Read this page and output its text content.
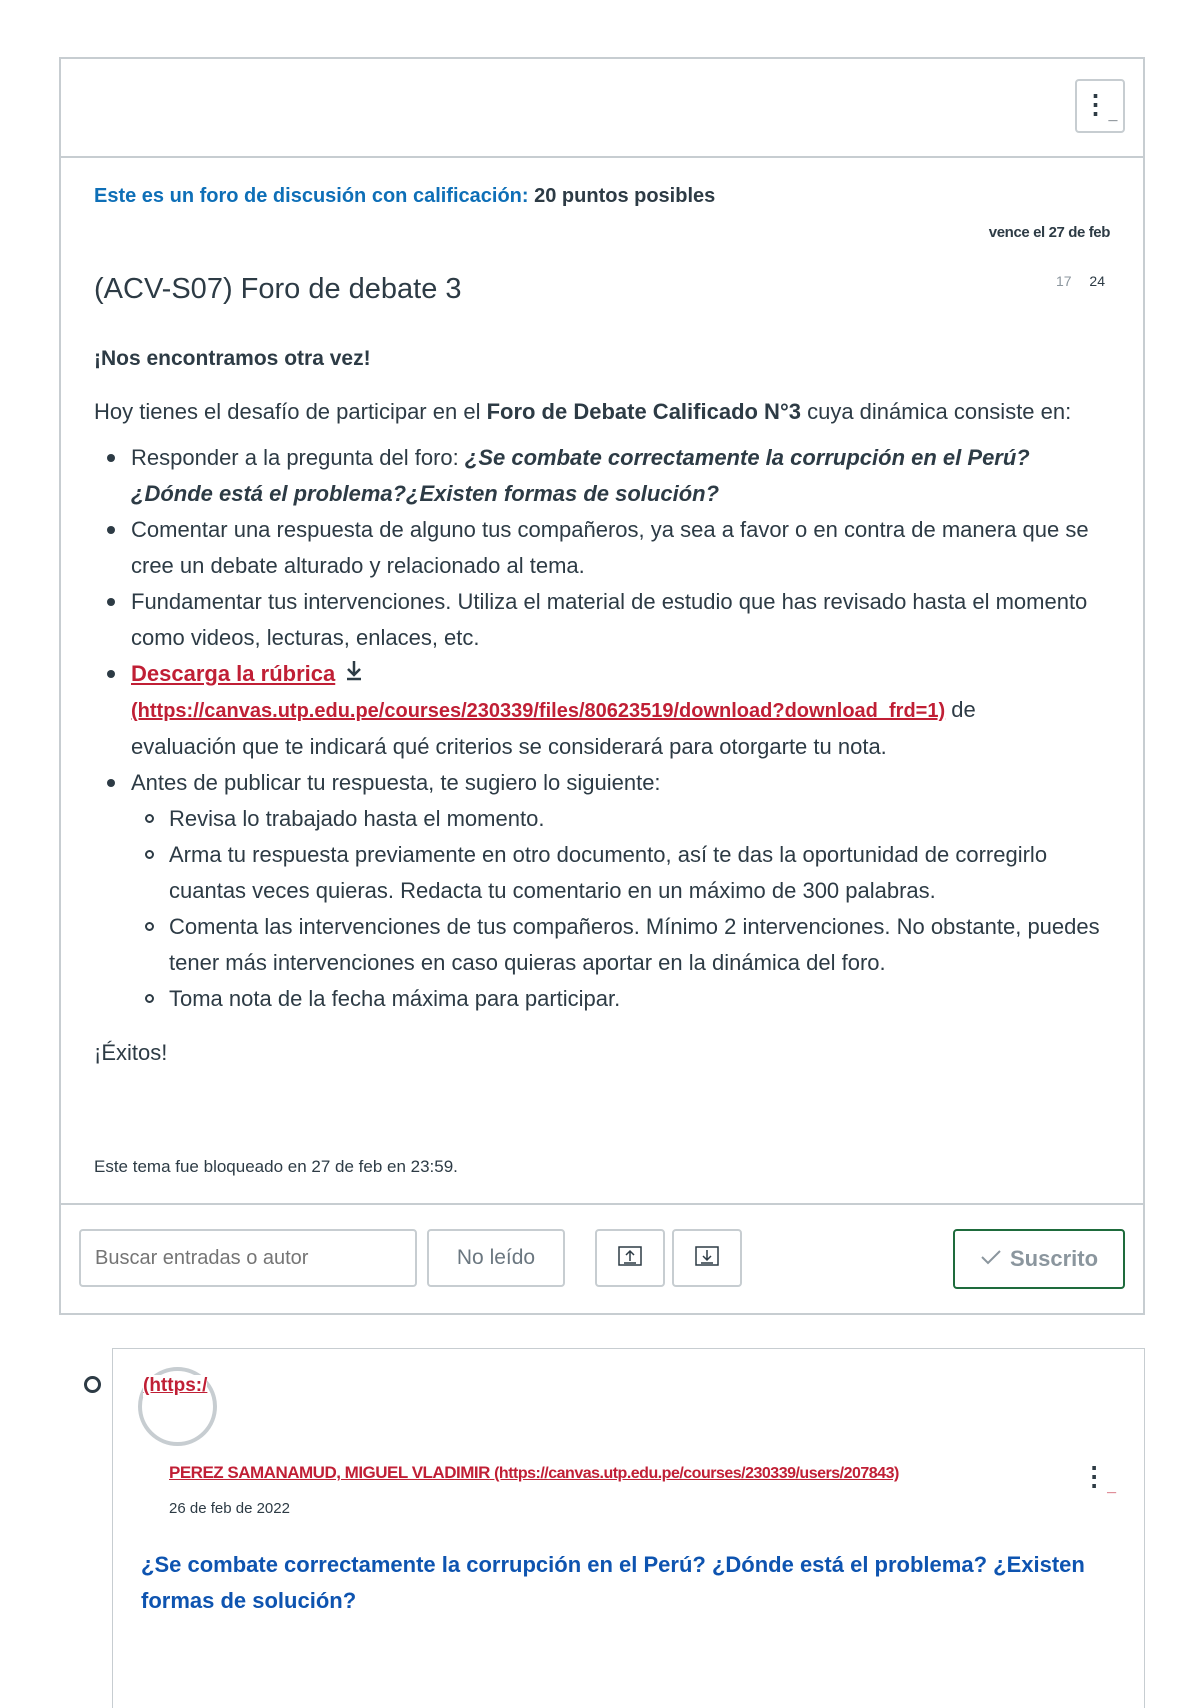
$⋮_{\_}$
Este es un foro de discusión con calificación: 20 puntos posibles
vence el 27 de feb
17 24
(ACV-S07) Foro de debate 3

¡Nos encontramos otra vez!

Hoy tienes el desafío de participar en el Foro de Debate Calificado N°3 cuya dinámica consiste en:

Responder a la pregunta del foro: ¿Se combate correctamente la corrupción en el Perú? ¿Dónde está el problema?¿Existen formas de solución?
Comentar una respuesta de alguno tus compañeros, ya sea a favor o en contra de manera que se cree un debate alturado y relacionado al tema.
Fundamentar tus intervenciones. Utiliza el material de estudio que has revisado hasta el momento como videos, lecturas, enlaces, etc.
Descarga la rúbrica
(https://canvas.utp.edu.pe/courses/230339/files/80623519/download?download_frd=1) de
evaluación que te indicará qué criterios se considerará para otorgarte tu nota.
Antes de publicar tu respuesta, te sugiero lo siguiente:
Revisa lo trabajado hasta el momento.
Arma tu respuesta previamente en otro documento, así te das la oportunidad de corregirlo cuantas veces quieras. Redacta tu comentario en un máximo de 300 palabras.
Comenta las intervenciones de tus compañeros. Mínimo 2 intervenciones. No obstante, puedes tener más intervenciones en caso quieras aportar en la dinámica del foro.
Toma nota de la fecha máxima para participar.

¡Éxitos!

Este tema fue bloqueado en 27 de feb en 23:59.
Buscar entradas o autor
No leído	Suscrito
(https:/
PEREZ SAMANAMUD, MIGUEL VLADIMIR (https://canvas.utp.edu.pe/courses/230339/users/207843)	$⋮_{\_}$
26 de feb de 2022
¿Se combate correctamente la corrupción en el Perú? ¿Dónde está el problema? ¿Existen formas de solución?
